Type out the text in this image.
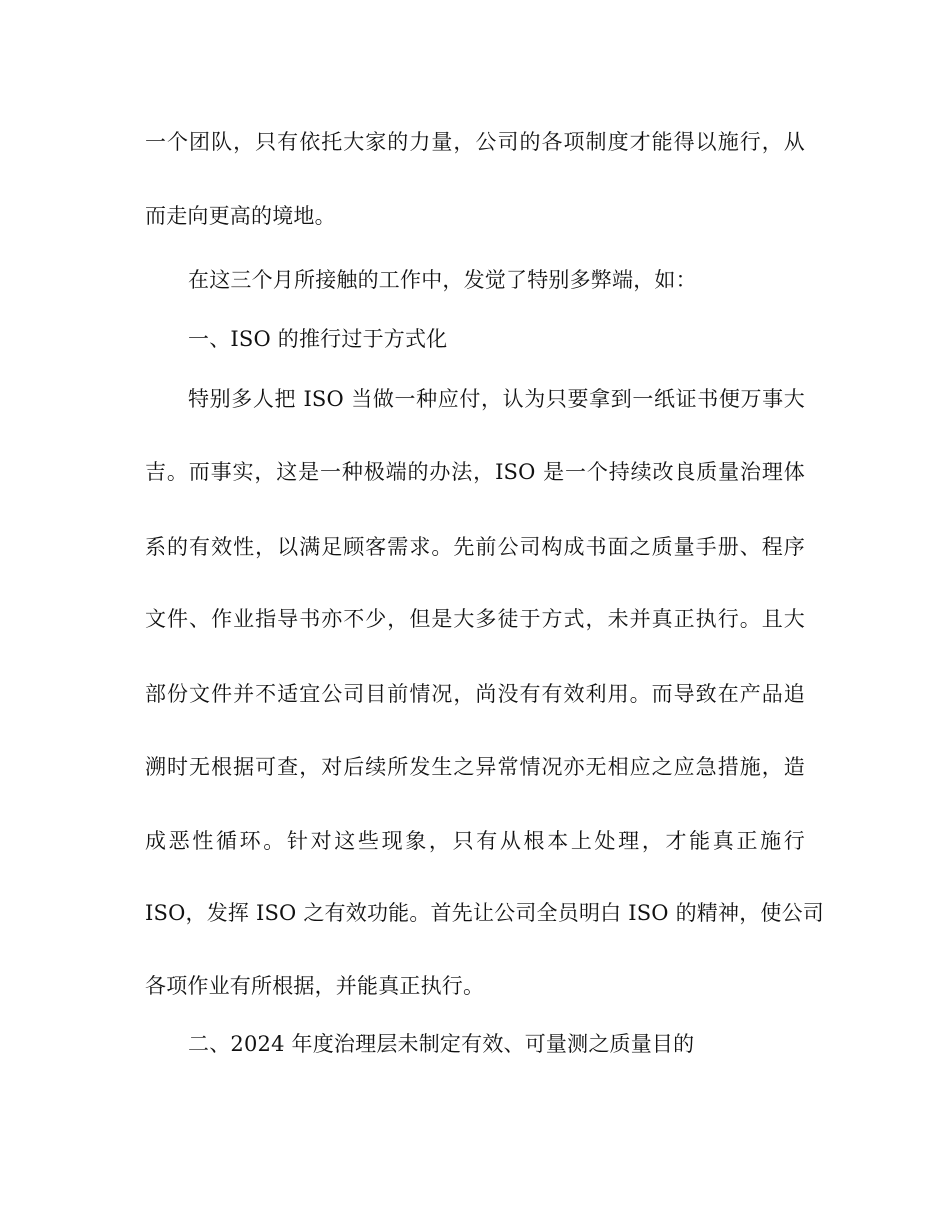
一个团队，只有依托大家的力量，公司的各项制度才能得以施行，从
而走向更高的境地。
在这三个月所接触的工作中，发觉了特别多弊端，如：
一、ISO 的推行过于方式化
特别多人把 ISO 当做一种应付，认为只要拿到一纸证书便万事大
吉。而事实，这是一种极端的办法，ISO 是一个持续改良质量治理体
系的有效性，以满足顾客需求。先前公司构成书面之质量手册、程序
文件、作业指导书亦不少，但是大多徒于方式，未并真正执行。且大
部份文件并不适宜公司目前情况，尚没有有效利用。而导致在产品追
溯时无根据可查，对后续所发生之异常情况亦无相应之应急措施，造
成恶性循环。针对这些现象，只有从根本上处理，才能真正施行
ISO，发挥 ISO 之有效功能。首先让公司全员明白 ISO 的精神，使公司
各项作业有所根据，并能真正执行。
二、2024 年度治理层未制定有效、可量测之质量目的
